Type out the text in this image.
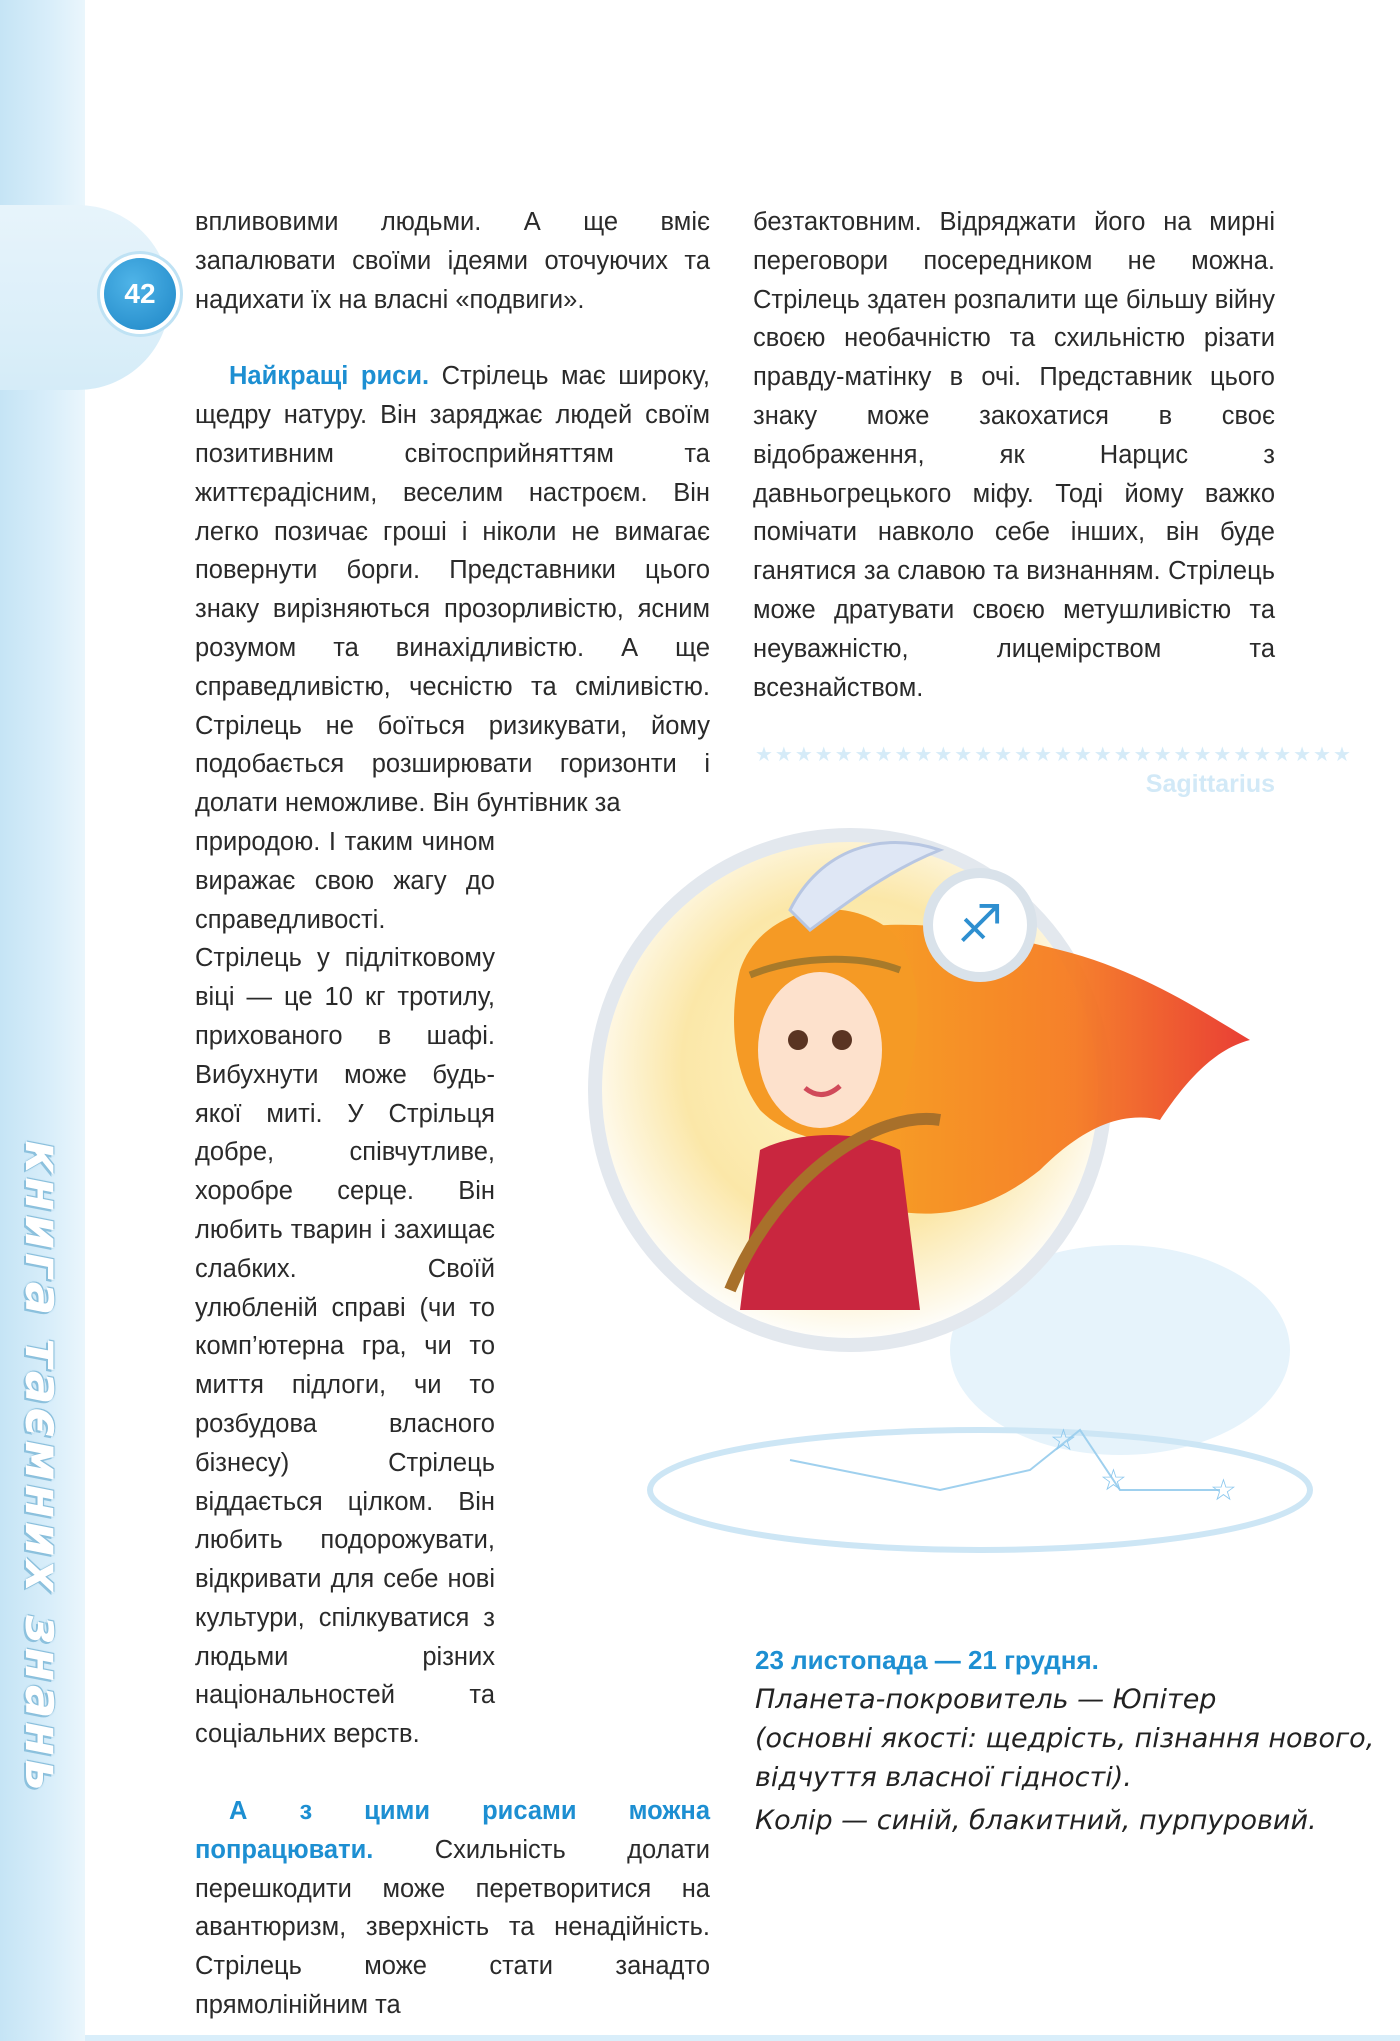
42
книга таємних знань

впливовими людьми. А ще вміє запалювати своїми ідеями оточуючих та надихати їх на власні «подвиги».

Найкращі риси. Стрілець має широку, щедру натуру. Він заряджає людей своїм позитивним світосприйняттям та життєрадісним, веселим настроєм. Він легко позичає гроші і ніколи не вимагає повернути борги. Представники цього знаку вирізняються прозорливістю, ясним розумом та винахідливістю. А ще справедливістю, чесністю та сміливістю. Стрілець не боїться ризикувати, йому подобається розширювати горизонти і долати неможливе. Він бунтівник за

природою. І таким чином виражає свою жагу до справедливості. Стрілець у підлітковому віці — це 10 кг тротилу, прихованого в шафі. Вибухнути може будь-якої миті. У Стрільця добре, співчутливе, хоробре серце. Він любить тварин і захищає слабких. Своїй улюбленій справі (чи то комп’ютерна гра, чи то миття підлоги, чи то розбудова власного бізнесу) Стрілець віддається цілком. Він любить подорожувати, відкривати для себе нові культури, спілкуватися з людьми різних національностей та соціальних верств.

А з цими рисами можна попрацювати. Схильність долати перешкодити може перетворитися на авантюризм, зверхність та ненадійність. Стрілець може стати занадто прямолінійним та

безтактовним. Відряджати його на мирні переговори посередником не можна. Стрілець здатен розпалити ще більшу війну своєю необачністю та схильністю різати правду-матінку в очі. Представник цього знаку може закохатися в своє відображення, як Нарцис з давньогрецького міфу. Тоді йому важко помічати навколо себе інших, він буде ганятися за славою та визнанням. Стрілець може дратувати своєю метушливістю та неуважністю, лицемірством та всезнайством.

★★★★★★★★★★★★★★★★★★★★★★★★★★★★★★
Sagittarius
♐
☆
☆	☆
23 листопада — 21 грудня.
Планета-покровитель — Юпітер
(основні якості: щедрість, пізнання нового,
відчуття власної гідності).
Колір — синій, блакитний, пурпуровий.
